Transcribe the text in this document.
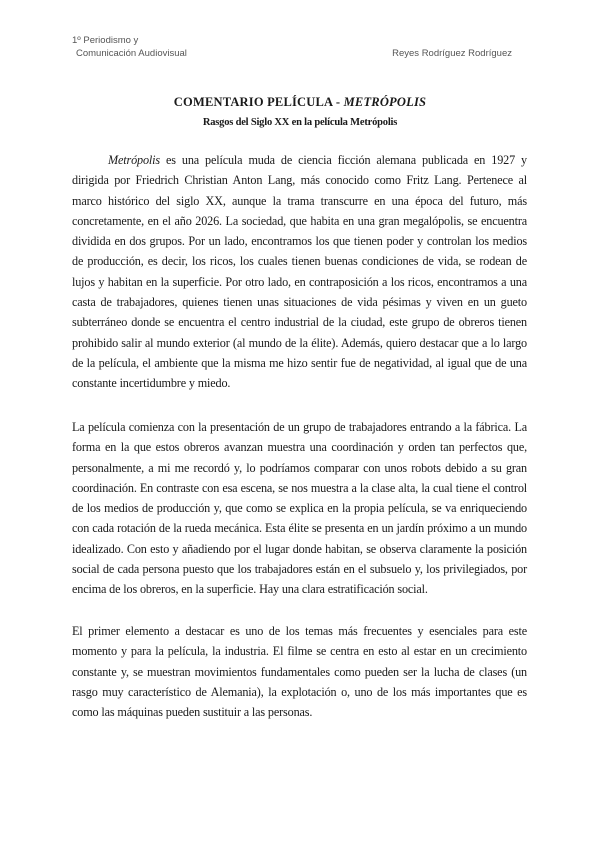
1º Periodismo y
Comunicación Audiovisual	Reyes Rodríguez Rodríguez
COMENTARIO PELÍCULA - METRÓPOLIS
Rasgos del Siglo XX en la película Metrópolis
Metrópolis es una película muda de ciencia ficción alemana publicada en 1927 y dirigida por Friedrich Christian Anton Lang, más conocido como Fritz Lang. Pertenece al marco histórico del siglo XX, aunque la trama transcurre en una época del futuro, más concretamente, en el año 2026. La sociedad, que habita en una gran megalópolis, se encuentra dividida en dos grupos. Por un lado, encontramos los que tienen poder y controlan los medios de producción, es decir, los ricos, los cuales tienen buenas condiciones de vida, se rodean de lujos y habitan en la superficie. Por otro lado, en contraposición a los ricos, encontramos a una casta de trabajadores, quienes tienen unas situaciones de vida pésimas y viven en un gueto subterráneo donde se encuentra el centro industrial de la ciudad, este grupo de obreros tienen prohibido salir al mundo exterior (al mundo de la élite). Además, quiero destacar que a lo largo de la película, el ambiente que la misma me hizo sentir fue de negatividad, al igual que de una constante incertidumbre y miedo.
La película comienza con la presentación de un grupo de trabajadores entrando a la fábrica. La forma en la que estos obreros avanzan muestra una coordinación y orden tan perfectos que, personalmente, a mi me recordó y, lo podríamos comparar con unos robots debido a su gran coordinación. En contraste con esa escena, se nos muestra a la clase alta, la cual tiene el control de los medios de producción y, que como se explica en la propia película, se va enriqueciendo con cada rotación de la rueda mecánica. Esta élite se presenta en un jardín próximo a un mundo idealizado. Con esto y añadiendo por el lugar donde habitan, se observa claramente la posición social de cada persona puesto que los trabajadores están en el subsuelo y, los privilegiados, por encima de los obreros, en la superficie. Hay una clara estratificación social.
El primer elemento a destacar es uno de los temas más frecuentes y esenciales para este momento y para la película, la industria. El filme se centra en esto al estar en un crecimiento constante y, se muestran movimientos fundamentales como pueden ser la lucha de clases (un rasgo muy característico de Alemania), la explotación o, uno de los más importantes que es como las máquinas pueden sustituir a las personas.
